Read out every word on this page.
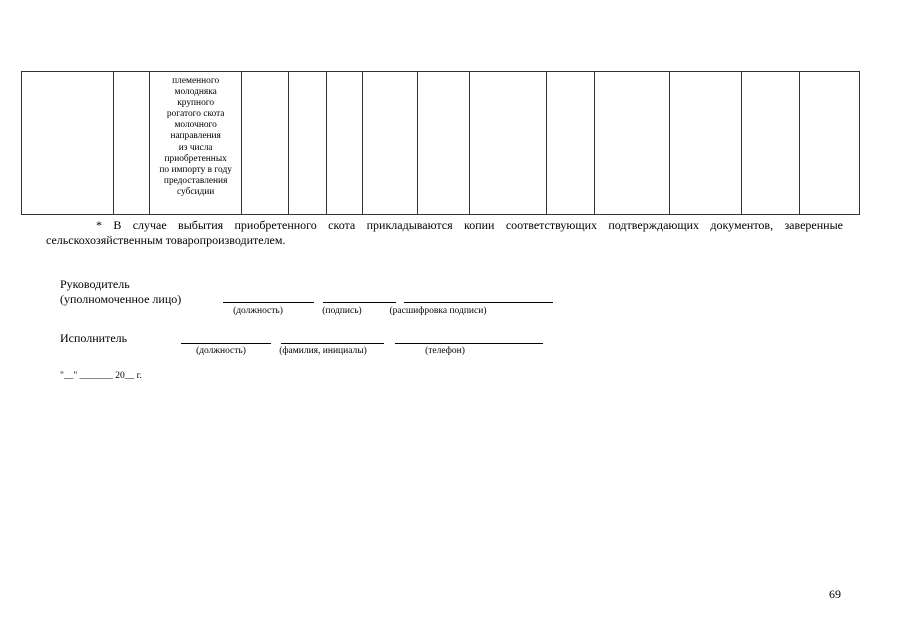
племенного
молодняка
крупного
рогатого скота
молочного
направления
из числа
приобретенных
по импорту в году
предоставления
субсидии

* В случае выбытия приобретенного скота прикладываются копии соответствующих подтверждающих документов, заверенные сельскохозяйственным товаропроизводителем.
Руководитель
(уполномоченное лицо)
(должность)	(подпись)	(расшифровка подписи)
Исполнитель
(должность)	(фамилия, инициалы)	(телефон)
"__" _______ 20__ г.
69
